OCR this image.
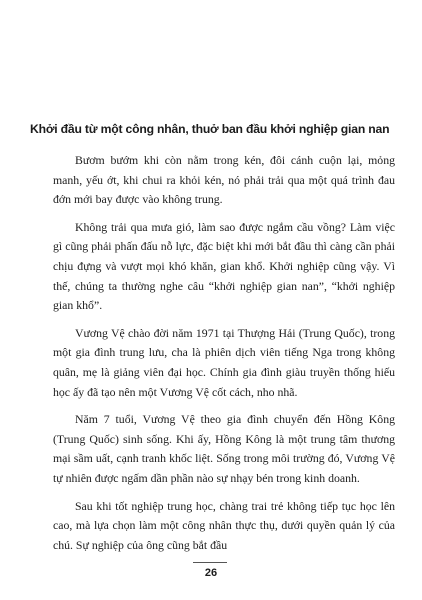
Khởi đầu từ một công nhân, thuở ban đầu khởi nghiệp gian nan

Bươm bướm khi còn nằm trong kén, đôi cánh cuộn lại, mỏng manh, yếu ớt, khi chui ra khỏi kén, nó phải trải qua một quá trình đau đớn mới bay được vào không trung.

Không trải qua mưa gió, làm sao được ngắm cầu vồng? Làm việc gì cũng phải phấn đấu nỗ lực, đặc biệt khi mới bắt đầu thì càng cần phải chịu đựng và vượt mọi khó khăn, gian khổ. Khởi nghiệp cũng vậy. Vì thế, chúng ta thường nghe câu “khởi nghiệp gian nan”, “khởi nghiệp gian khổ”.

Vương Vệ chào đời năm 1971 tại Thượng Hải (Trung Quốc), trong một gia đình trung lưu, cha là phiên dịch viên tiếng Nga trong không quân, mẹ là giảng viên đại học. Chính gia đình giàu truyền thống hiếu học ấy đã tạo nên một Vương Vệ cốt cách, nho nhã.

Năm 7 tuổi, Vương Vệ theo gia đình chuyển đến Hồng Kông (Trung Quốc) sinh sống. Khi ấy, Hồng Kông là một trung tâm thương mại sầm uất, cạnh tranh khốc liệt. Sống trong môi trường đó, Vương Vệ tự nhiên được ngấm dần phần nào sự nhạy bén trong kinh doanh.

Sau khi tốt nghiệp trung học, chàng trai trẻ không tiếp tục học lên cao, mà lựa chọn làm một công nhân thực thụ, dưới quyền quản lý của chú. Sự nghiệp của ông cũng bắt đầu

26
